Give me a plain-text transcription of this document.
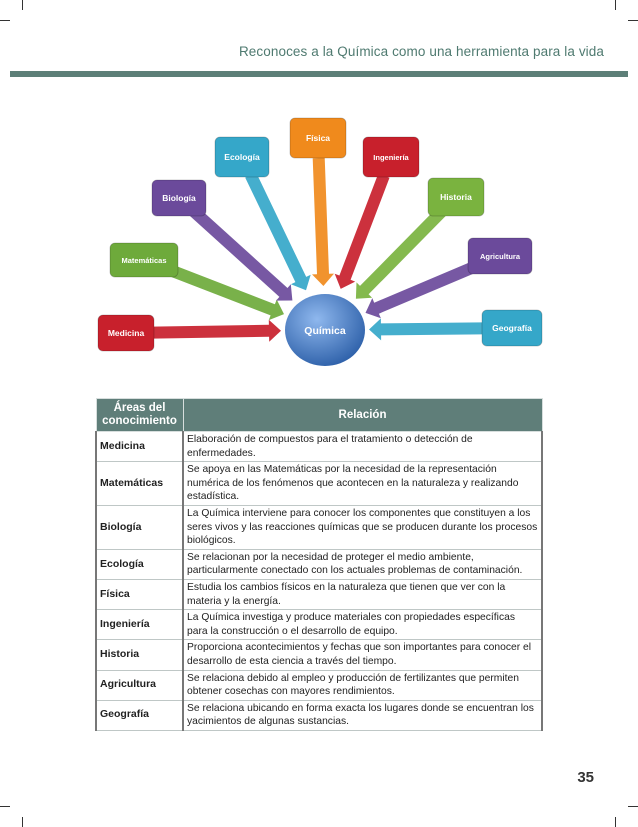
Reconoces a la Química como una herramienta para la vida
Medicina
Matemáticas
Biología
Ecología
Física
Ingeniería
Historia
Agricultura
Geografía
Química
Áreas del conocimiento	Relación
Medicina	Elaboración de compuestos para el tratamiento o detección de enfermedades.
Matemáticas	Se apoya en las Matemáticas por la necesidad de la representación numérica de los fenómenos que acontecen en la naturaleza y realizando estadística.
Biología	La Química interviene para conocer los componentes que constituyen a los seres vivos y las reacciones químicas que se producen durante los procesos biológicos.
Ecología	Se relacionan por la necesidad de proteger el medio ambiente, particularmente conectado con los actuales problemas de contaminación.
Física	Estudia los cambios físicos en la naturaleza que tienen que ver con la materia y la energía.
Ingeniería	La Química investiga y produce materiales con propiedades específicas para la construcción o el desarrollo de equipo.
Historia	Proporciona acontecimientos y fechas que son importantes para conocer el desarrollo de esta ciencia a través del tiempo.
Agricultura	Se relaciona debido al empleo y producción de fertilizantes que permiten obtener cosechas con mayores rendimientos.
Geografía	Se relaciona ubicando en forma exacta los lugares donde se encuentran los yacimientos de algunas sustancias.
35
